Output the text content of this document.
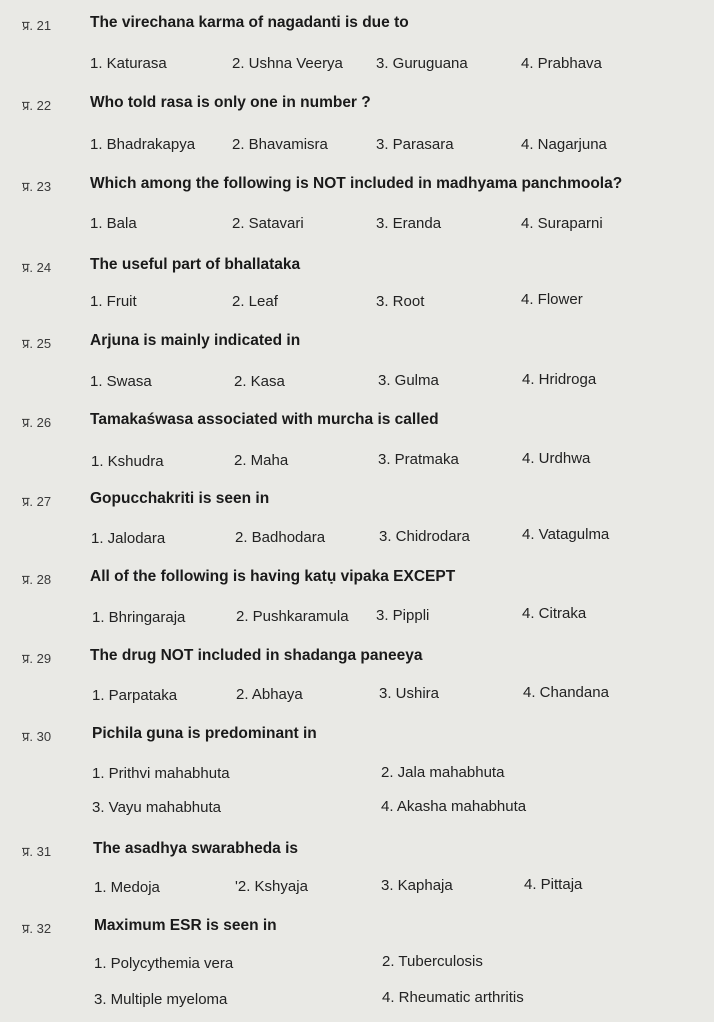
प्र. 21	The virechana karma of nagadanti is due to
1. Katurasa	2. Ushna Veerya 3. Guruguana	4. Prabhava
प्र. 22	Who told rasa is only one in number ?
1. Bhadrakapya 2. Bhavamisra	3. Parasara	4. Nagarjuna
प्र. 23	Which among the following is NOT included in madhyama panchmoola?
1. Bala	2. Satavari	3. Eranda	4. Suraparni
प्र. 24	The useful part of bhallataka
1. Fruit	2. Leaf	3. Root	4. Flower
प्र. 25	Arjuna is mainly indicated in
1. Swasa	2. Kasa	3. Gulma	4. Hridroga
प्र. 26	Tamakaśwasa associated with murcha is called
1. Kshudra	2. Maha	3. Pratmaka	4. Urdhwa
प्र. 27	Gopucchakriti is seen in
1. Jalodara	2. Badhodara	3. Chidrodara	4. Vatagulma
प्र. 28	All of the following is having katụ vipaka EXCEPT
1. Bhringaraja	2. Pushkaramula 3. Pippli	4. Citraka
प्र. 29	The drug NOT included in shadanga paneeya
1. Parpataka	2. Abhaya	3. Ushira	4. Chandana
प्र. 30	Pichila guna is predominant in
1. Prithvi mahabhuta	2. Jala mahabhuta
3. Vayu mahabhuta	4. Akasha mahabhuta
प्र. 31	The asadhya swarabheda is
1. Medoja	'2. Kshyaja	3. Kaphaja	4. Pittaja
प्र. 32	Maximum ESR is seen in
1. Polycythemia vera	2. Tuberculosis
3. Multiple myeloma	4. Rheumatic arthritis
